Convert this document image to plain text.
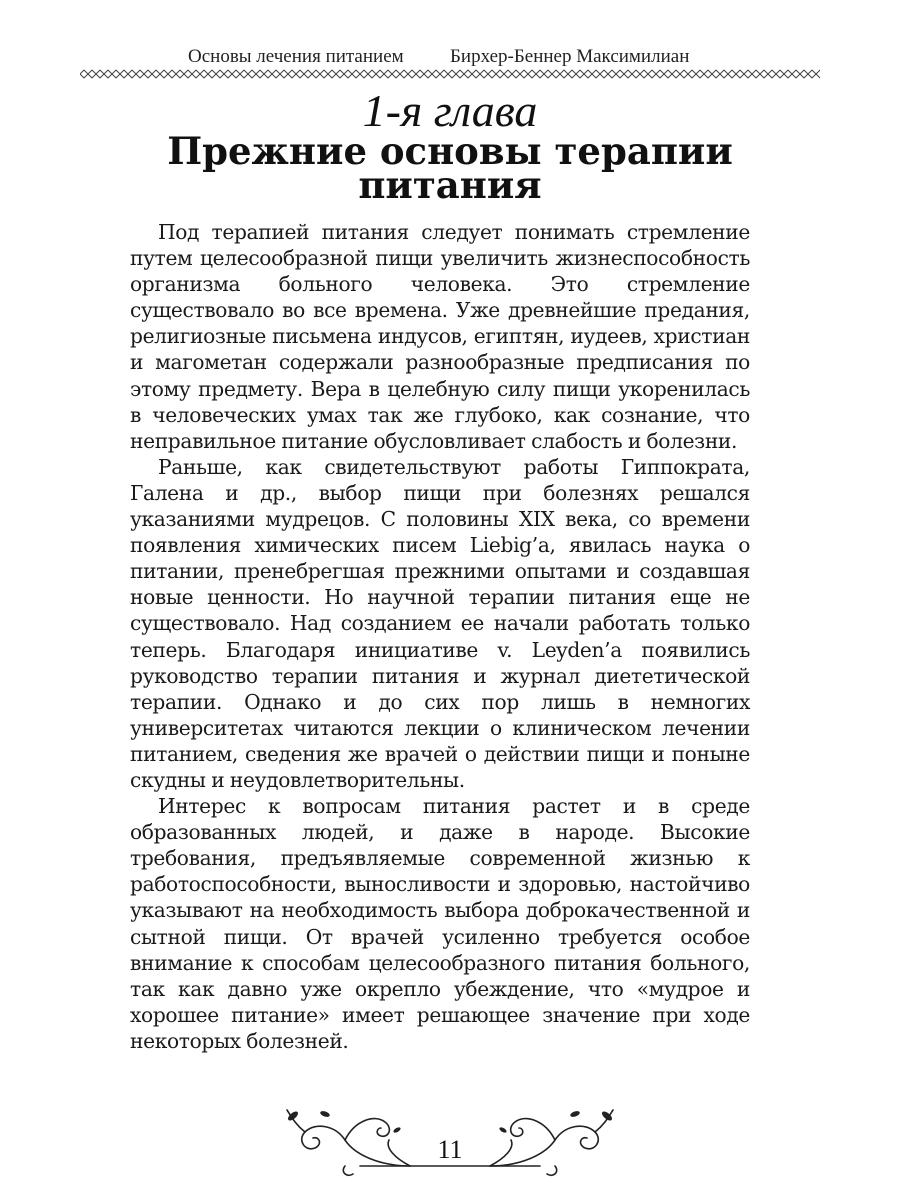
Основы лечения питанием Бирхер-Беннер Максимилиан
1-я глава
Прежние основы терапии питания

Под терапией питания следует понимать стремление путем целесообразной пищи увеличить жизнеспособность организма больного человека. Это стремление существовало во все времена. Уже древнейшие предания, религиозные письмена индусов, египтян, иудеев, христиан и магометан содержали разнообразные предписания по этому предмету. Вера в целебную силу пищи укоренилась в человеческих умах так же глубоко, как сознание, что неправильное питание обусловливает слабость и болезни.

Раньше, как свидетельствуют работы Гиппократа, Галена и др., выбор пищи при болезнях решался указаниями мудрецов. С половины XIX века, со времени появления химических писем Liebig’a, явилась наука о питании, пренебрегшая прежними опытами и создавшая новые ценности. Но научной терапии питания еще не существовало. Над созданием ее начали работать только теперь. Благодаря инициативе v. Leyden’a появились руководство терапии питания и журнал диететической терапии. Однако и до сих пор лишь в немногих университетах читаются лекции о клиническом лечении питанием, сведения же врачей о действии пищи и поныне скудны и неудовлетворительны.

Интерес к вопросам питания растет и в среде образованных людей, и даже в народе. Высокие требования, предъявляемые современной жизнью к работоспособности, выносливости и здоровью, настойчиво указывают на необходимость выбора доброкачественной и сытной пищи. От врачей усиленно требуется особое внимание к способам целесообразного питания больного, так как давно уже окрепло убеждение, что «мудрое и хорошее питание» имеет решающее значение при ходе некоторых болезней.

11
